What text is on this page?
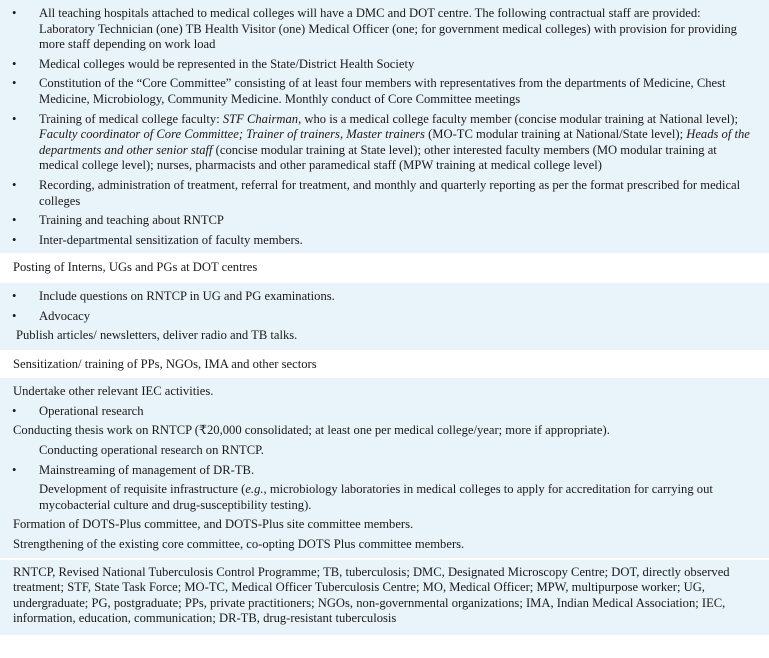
•	All teaching hospitals attached to medical colleges will have a DMC and DOT centre. The following contractual staff are provided: Laboratory Technician (one) TB Health Visitor (one) Medical Officer (one; for government medical colleges) with provision for providing more staff depending on work load
•	Medical colleges would be represented in the State/District Health Society
•	Constitution of the “Core Committee” consisting of at least four members with representatives from the departments of Medicine, Chest Medicine, Microbiology, Community Medicine. Monthly conduct of Core Committee meetings
•	Training of medical college faculty: STF Chairman, who is a medical college faculty member (concise modular training at National level); Faculty coordinator of Core Committee; Trainer of trainers, Master trainers (MO-TC modular training at National/State level); Heads of the departments and other senior staff (concise modular training at State level); other interested faculty members (MO modular training at medical college level); nurses, pharmacists and other paramedical staff (MPW training at medical college level)
•	Recording, administration of treatment, referral for treatment, and monthly and quarterly reporting as per the format prescribed for medical colleges
•	Training and teaching about RNTCP
•	Inter-departmental sensitization of faculty members.
Posting of Interns, UGs and PGs at DOT centres
•	Include questions on RNTCP in UG and PG examinations.
•	Advocacy
Publish articles/ newsletters, deliver radio and TB talks.
Sensitization/ training of PPs, NGOs, IMA and other sectors
Undertake other relevant IEC activities.
•	Operational research
Conducting thesis work on RNTCP (₹20,000 consolidated; at least one per medical college/year; more if appropriate).
Conducting operational research on RNTCP.
•	Mainstreaming of management of DR-TB.
Development of requisite infrastructure (e.g., microbiology laboratories in medical colleges to apply for accreditation for carrying out mycobacterial culture and drug-susceptibility testing).
Formation of DOTS-Plus committee, and DOTS-Plus site committee members.
Strengthening of the existing core committee, co-opting DOTS Plus committee members.
RNTCP, Revised National Tuberculosis Control Programme; TB, tuberculosis; DMC, Designated Microscopy Centre; DOT, directly observed treatment; STF, State Task Force; MO-TC, Medical Officer Tuberculosis Centre; MO, Medical Officer; MPW, multipurpose worker; UG, undergraduate; PG, postgraduate; PPs, private practitioners; NGOs, non-governmental organizations; IMA, Indian Medical Association; IEC, information, education, communication; DR-TB, drug-resistant tuberculosis
